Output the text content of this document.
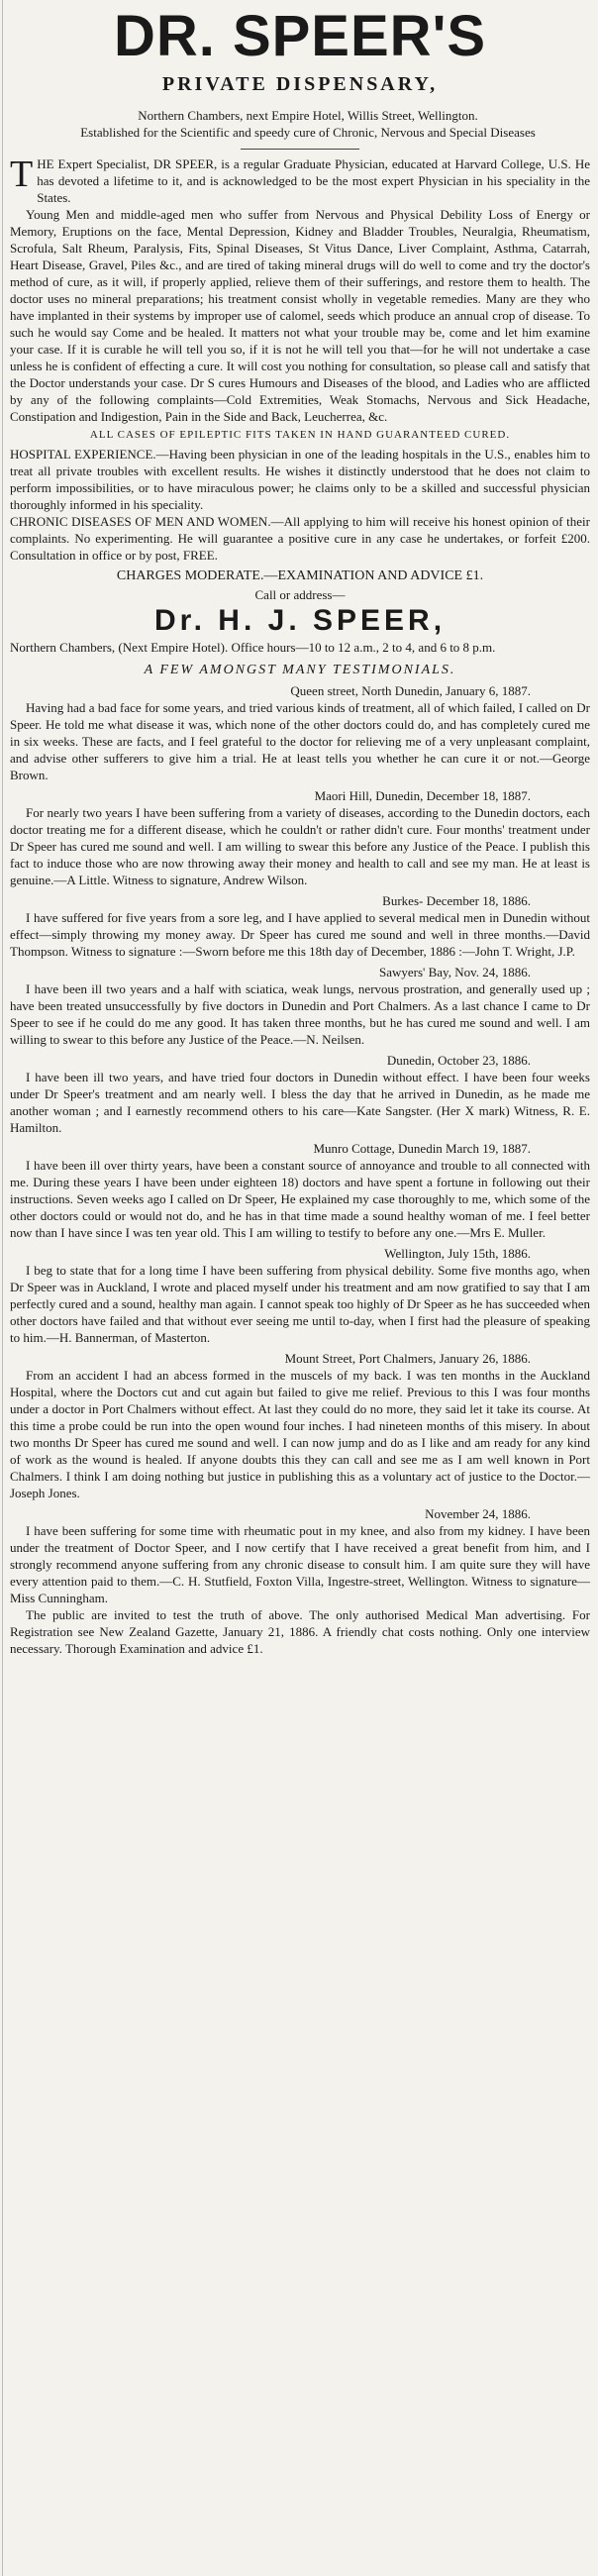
DR. SPEER'S
PRIVATE DISPENSARY,

Northern Chambers, next Empire Hotel, Willis Street, Wellington.

Established for the Scientific and speedy cure of Chronic, Nervous and Special Diseases

THE Expert Specialist, DR SPEER, is a regular Graduate Physician, educated at Harvard College, U.S. He has devoted a lifetime to it, and is acknowledged to be the most expert Physician in his speciality in the States.

Young Men and middle-aged men who suffer from Nervous and Physical Debility Loss of Energy or Memory, Eruptions on the face, Mental Depression, Kidney and Bladder Troubles, Neuralgia, Rheumatism, Scrofula, Salt Rheum, Paralysis, Fits, Spinal Diseases, St Vitus Dance, Liver Complaint, Asthma, Catarrah, Heart Disease, Gravel, Piles &c., and are tired of taking mineral drugs will do well to come and try the doctor's method of cure, as it will, if properly applied, relieve them of their sufferings, and restore them to health. The doctor uses no mineral preparations; his treatment consist wholly in vegetable remedies. Many are they who have implanted in their systems by improper use of calomel, seeds which produce an annual crop of disease. To such he would say Come and be healed. It matters not what your trouble may be, come and let him examine your case. If it is curable he will tell you so, if it is not he will tell you that—for he will not undertake a case unless he is confident of effecting a cure. It will cost you nothing for consultation, so please call and satisfy that the Doctor understands your case. Dr S cures Humours and Diseases of the blood, and Ladies who are afflicted by any of the following complaints—Cold Extremities, Weak Stomachs, Nervous and Sick Headache, Constipation and Indigestion, Pain in the Side and Back, Leucherrea, &c.

ALL CASES OF EPILEPTIC FITS TAKEN IN HAND GUARANTEED CURED.

HOSPITAL EXPERIENCE.—Having been physician in one of the leading hospitals in the U.S., enables him to treat all private troubles with excellent results. He wishes it distinctly understood that he does not claim to perform impossibilities, or to have miraculous power; he claims only to be a skilled and successful physician thoroughly informed in his speciality.

CHRONIC DISEASES OF MEN AND WOMEN.—All applying to him will receive his honest opinion of their complaints. No experimenting. He will guarantee a positive cure in any case he undertakes, or forfeit £200. Consultation in office or by post, FREE.

CHARGES MODERATE.—EXAMINATION AND ADVICE £1.

Call or address—

Dr. H. J. SPEER,

Northern Chambers, (Next Empire Hotel). Office hours—10 to 12 a.m., 2 to 4, and 6 to 8 p.m.

A FEW AMONGST MANY TESTIMONIALS.

Queen street, North Dunedin, January 6, 1887.

Having had a bad face for some years, and tried various kinds of treatment, all of which failed, I called on Dr Speer. He told me what disease it was, which none of the other doctors could do, and has completely cured me in six weeks. These are facts, and I feel grateful to the doctor for relieving me of a very unpleasant complaint, and advise other sufferers to give him a trial. He at least tells you whether he can cure it or not.—George Brown.

Maori Hill, Dunedin, December 18, 1887.

For nearly two years I have been suffering from a variety of diseases, according to the Dunedin doctors, each doctor treating me for a different disease, which he couldn't or rather didn't cure. Four months' treatment under Dr Speer has cured me sound and well. I am willing to swear this before any Justice of the Peace. I publish this fact to induce those who are now throwing away their money and health to call and see my man. He at least is genuine.—A Little. Witness to signature, Andrew Wilson.

Burkes- December 18, 1886.

I have suffered for five years from a sore leg, and I have applied to several medical men in Dunedin without effect—simply throwing my money away. Dr Speer has cured me sound and well in three months.—David Thompson. Witness to signature :—Sworn before me this 18th day of December, 1886 :—John T. Wright, J.P.

Sawyers' Bay, Nov. 24, 1886.

I have been ill two years and a half with sciatica, weak lungs, nervous prostration, and generally used up ; have been treated unsuccessfully by five doctors in Dunedin and Port Chalmers. As a last chance I came to Dr Speer to see if he could do me any good. It has taken three months, but he has cured me sound and well. I am willing to swear to this before any Justice of the Peace.—N. Neilsen.

Dunedin, October 23, 1886.

I have been ill two years, and have tried four doctors in Dunedin without effect. I have been four weeks under Dr Speer's treatment and am nearly well. I bless the day that he arrived in Dunedin, as he made me another woman ; and I earnestly recommend others to his care—Kate Sangster. (Her X mark) Witness, R. E. Hamilton.

Munro Cottage, Dunedin March 19, 1887.

I have been ill over thirty years, have been a constant source of annoyance and trouble to all connected with me. During these years I have been under eighteen 18) doctors and have spent a fortune in following out their instructions. Seven weeks ago I called on Dr Speer, He explained my case thoroughly to me, which some of the other doctors could or would not do, and he has in that time made a sound healthy woman of me. I feel better now than I have since I was ten year old. This I am willing to testify to before any one.—Mrs E. Muller.

Wellington, July 15th, 1886.

I beg to state that for a long time I have been suffering from physical debility. Some five months ago, when Dr Speer was in Auckland, I wrote and placed myself under his treatment and am now gratified to say that I am perfectly cured and a sound, healthy man again. I cannot speak too highly of Dr Speer as he has succeeded when other doctors have failed and that without ever seeing me until to-day, when I first had the pleasure of speaking to him.—H. Bannerman, of Masterton.

Mount Street, Port Chalmers, January 26, 1886.

From an accident I had an abcess formed in the muscels of my back. I was ten months in the Auckland Hospital, where the Doctors cut and cut again but failed to give me relief. Previous to this I was four months under a doctor in Port Chalmers without effect. At last they could do no more, they said let it take its course. At this time a probe could be run into the open wound four inches. I had nineteen months of this misery. In about two months Dr Speer has cured me sound and well. I can now jump and do as I like and am ready for any kind of work as the wound is healed. If anyone doubts this they can call and see me as I am well known in Port Chalmers. I think I am doing nothing but justice in publishing this as a voluntary act of justice to the Doctor.—Joseph Jones.

November 24, 1886.

I have been suffering for some time with rheumatic pout in my knee, and also from my kidney. I have been under the treatment of Doctor Speer, and I now certify that I have received a great benefit from him, and I strongly recommend anyone suffering from any chronic disease to consult him. I am quite sure they will have every attention paid to them.—C. H. Stutfield, Foxton Villa, Ingestre-street, Wellington. Witness to signature—Miss Cunningham.

The public are invited to test the truth of above. The only authorised Medical Man advertising. For Registration see New Zealand Gazette, January 21, 1886. A friendly chat costs nothing. Only one interview necessary. Thorough Examination and advice £1.
